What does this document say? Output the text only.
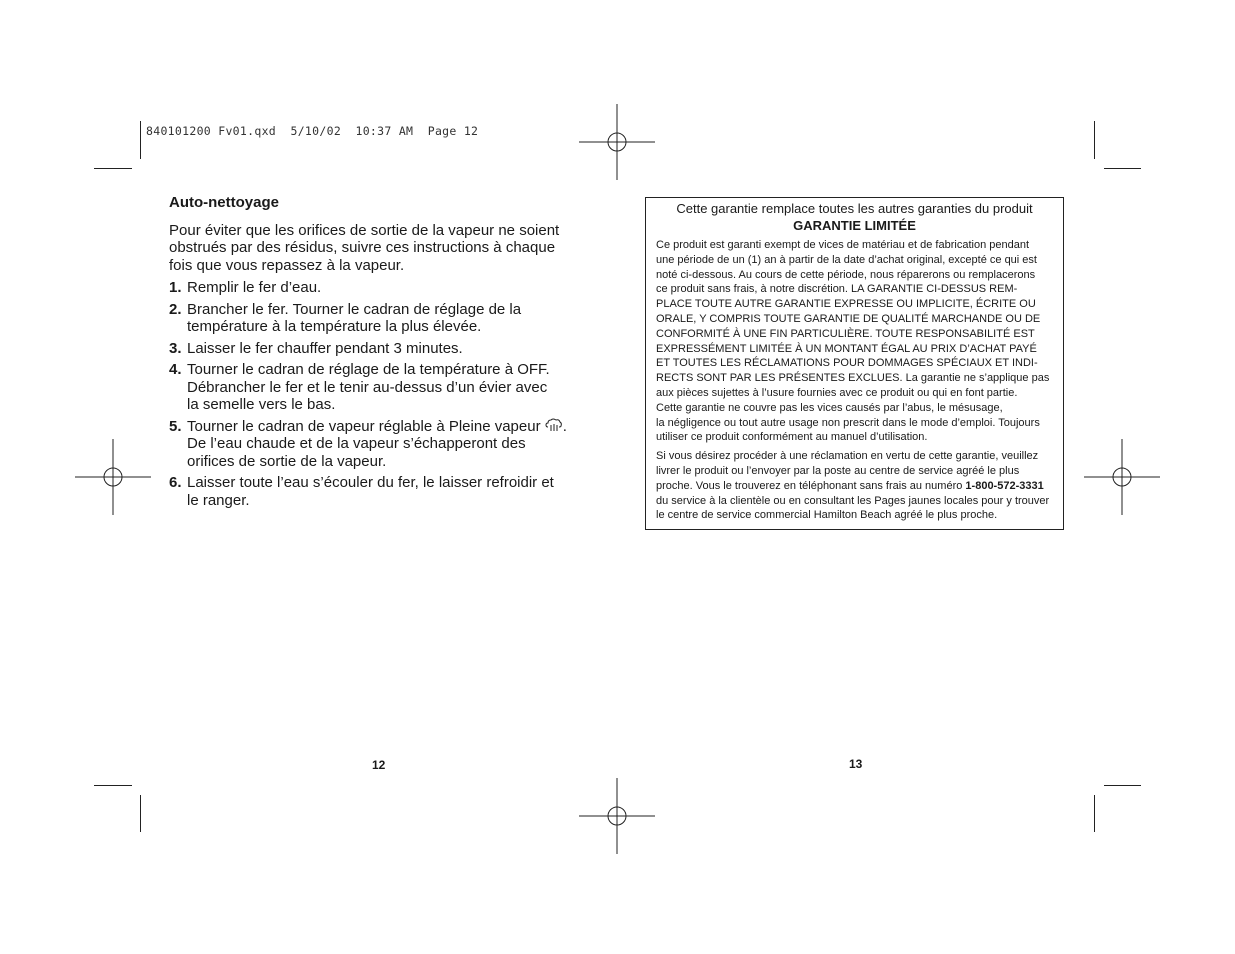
840101200 Fv01.qxd  5/10/02  10:37 AM  Page 12
Auto-nettoyage

Pour éviter que les orifices de sortie de la vapeur ne soient
obstrués par des résidus, suivre ces instructions à chaque
fois que vous repassez à la vapeur.

1. Remplir le fer d’eau.
2. Brancher le fer. Tourner le cadran de réglage de la
température à la température la plus élevée.
3. Laisser le fer chauffer pendant 3 minutes.
4. Tourner le cadran de réglage de la température à OFF.
Débrancher le fer et le tenir au-dessus d’un évier avec
la semelle vers le bas.
5. Tourner le cadran de vapeur réglable à Pleine vapeur .
De l’eau chaude et de la vapeur s’échapperont des
orifices de sortie de la vapeur.
6. Laisser toute l’eau s’écouler du fer, le laisser refroidir et
le ranger.
12

Cette garantie remplace toutes les autres garanties du produit

GARANTIE LIMITÉE

Ce produit est garanti exempt de vices de matériau et de fabrication pendant
une période de un (1) an à partir de la date d’achat original, excepté ce qui est
noté ci-dessous. Au cours de cette période, nous réparerons ou remplacerons
ce produit sans frais, à notre discrétion. LA GARANTIE CI-DESSUS REM-
PLACE TOUTE AUTRE GARANTIE EXPRESSE OU IMPLICITE, ÉCRITE OU
ORALE, Y COMPRIS TOUTE GARANTIE DE QUALITÉ MARCHANDE OU DE
CONFORMITÉ À UNE FIN PARTICULIÈRE. TOUTE RESPONSABILITÉ EST
EXPRESSÉMENT LIMITÉE À UN MONTANT ÉGAL AU PRIX D’ACHAT PAYÉ
ET TOUTES LES RÉCLAMATIONS POUR DOMMAGES SPÉCIAUX ET INDI-
RECTS SONT PAR LES PRÉSENTES EXCLUES. La garantie ne s’applique pas
aux pièces sujettes à l’usure fournies avec ce produit ou qui en font partie.
Cette garantie ne couvre pas les vices causés par l’abus, le mésusage,
la négligence ou tout autre usage non prescrit dans le mode d’emploi. Toujours
utiliser ce produit conformément au manuel d’utilisation.

Si vous désirez procéder à une réclamation en vertu de cette garantie, veuillez
livrer le produit ou l’envoyer par la poste au centre de service agréé le plus
proche. Vous le trouverez en téléphonant sans frais au numéro 1-800-572-3331
du service à la clientèle ou en consultant les Pages jaunes locales pour y trouver
le centre de service commercial Hamilton Beach agréé le plus proche.

13
